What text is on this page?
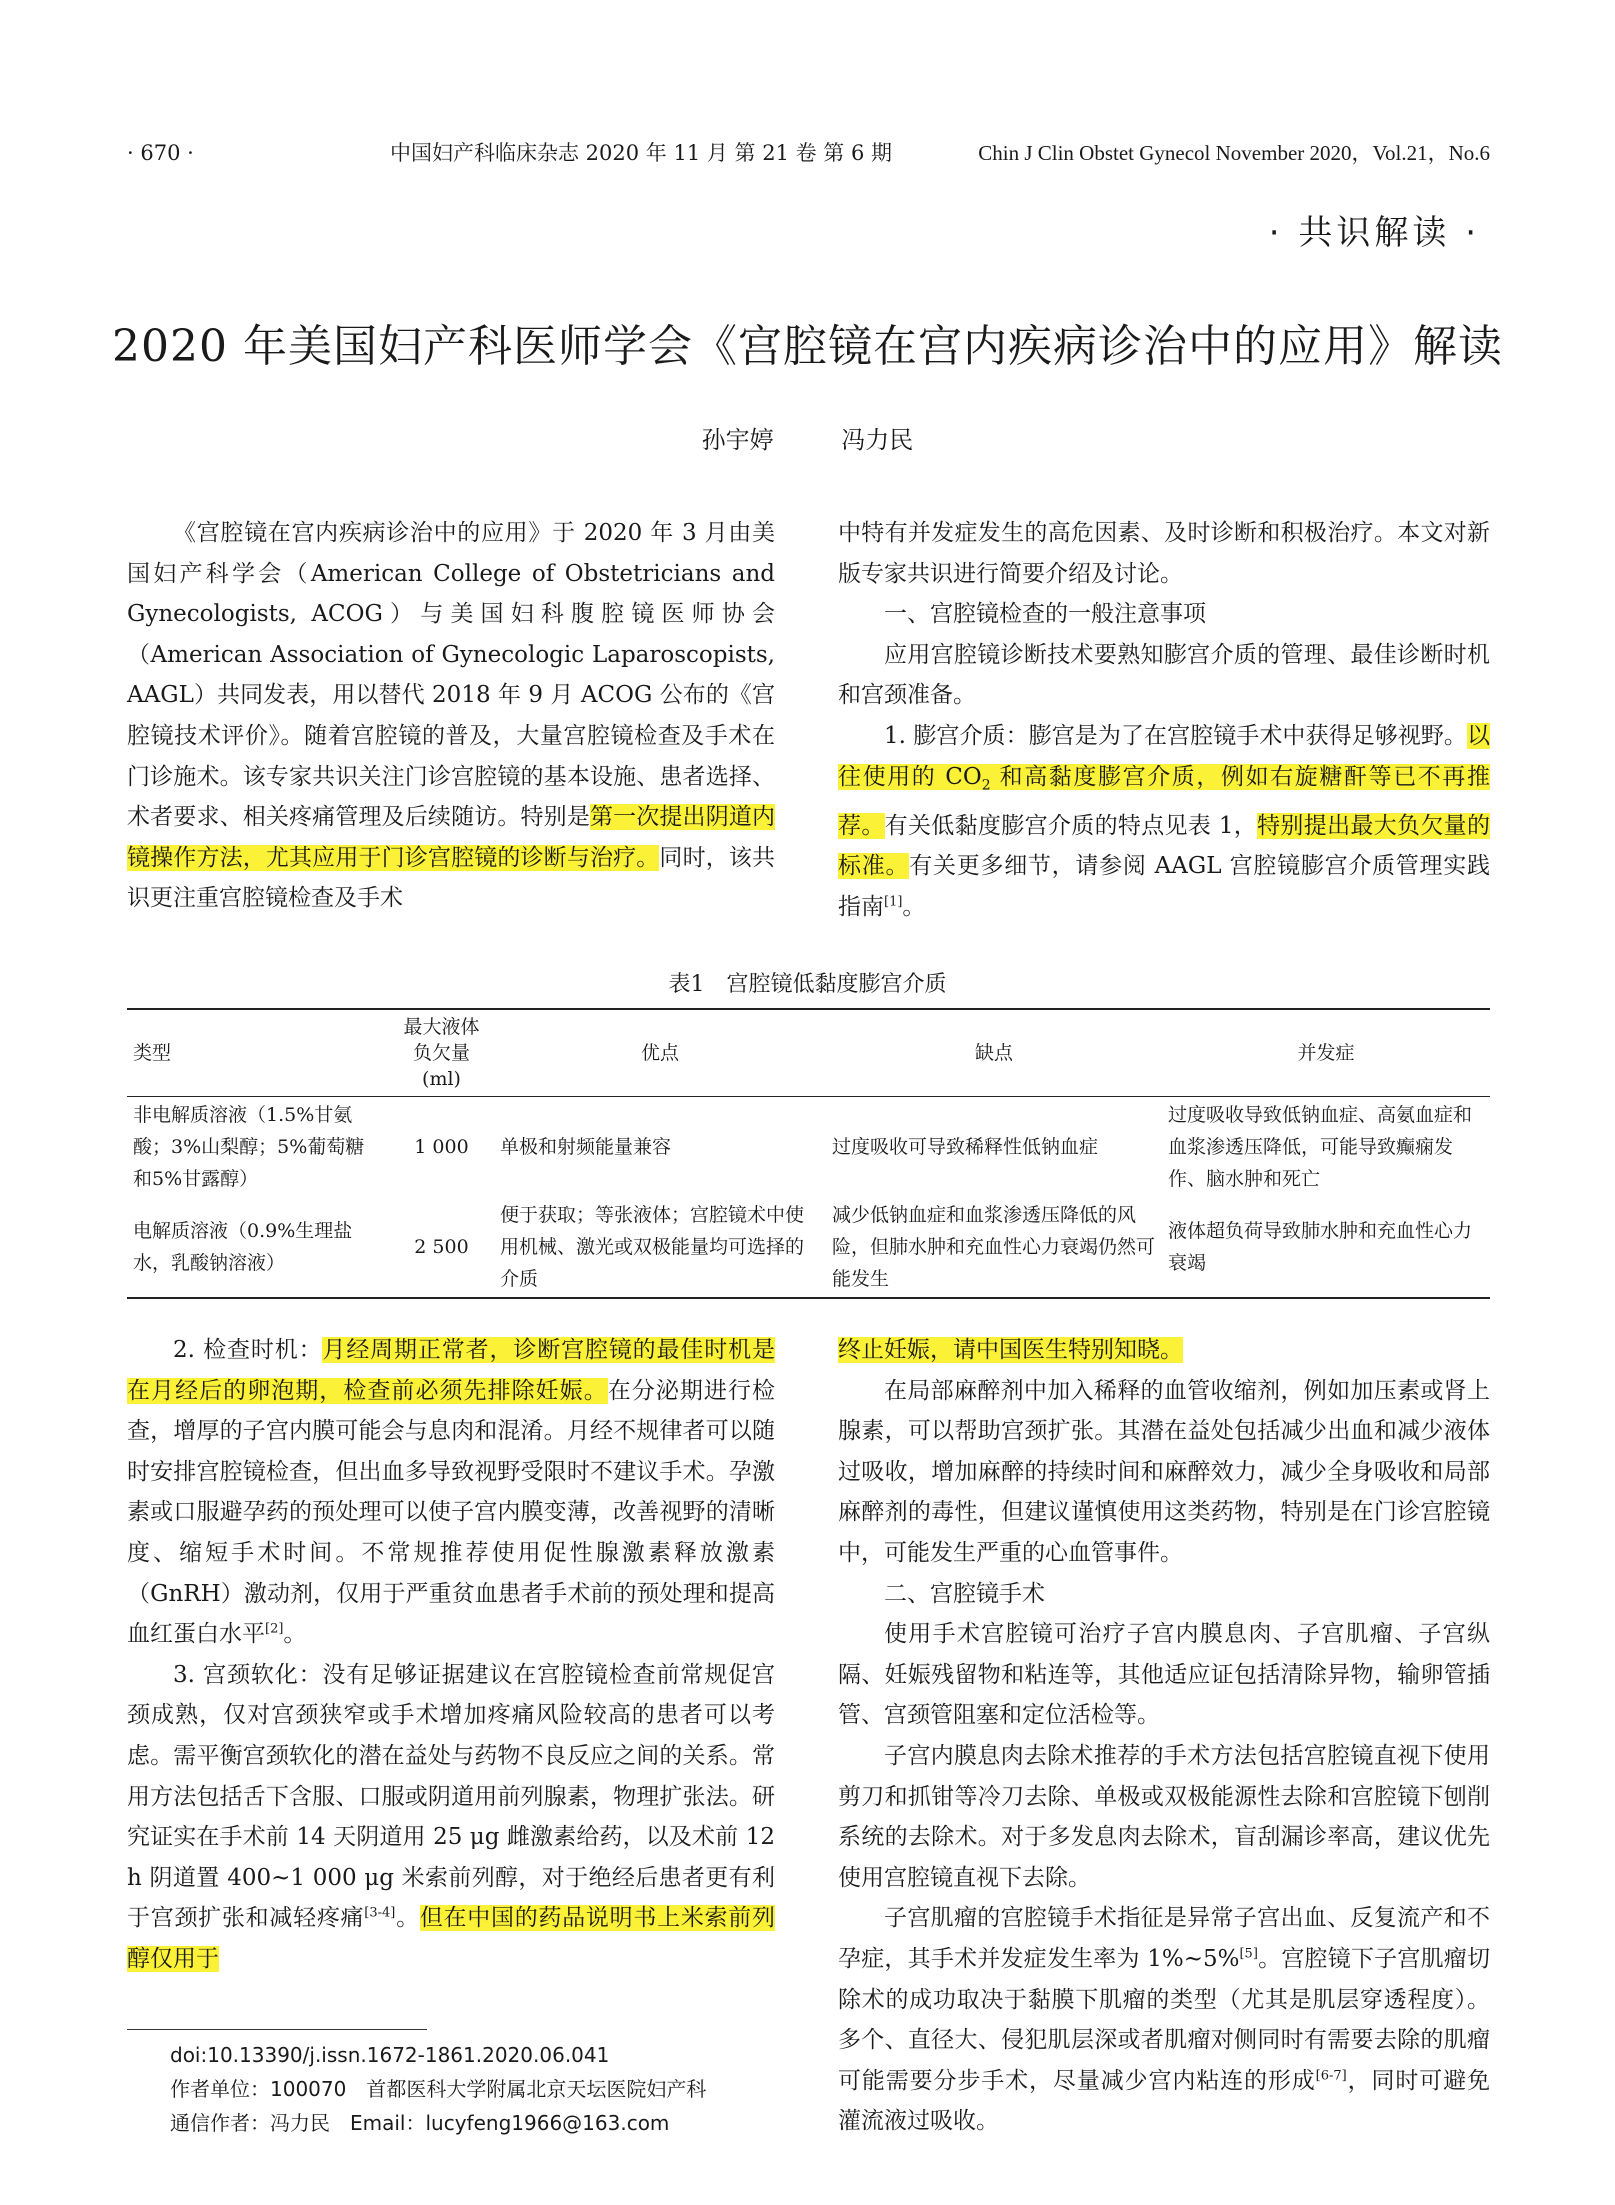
· 670 ·	中国妇产科临床杂志 2020 年 11 月 第 21 卷 第 6 期	Chin J Clin Obstet Gynecol November 2020，Vol.21，No.6
· 共识解读 ·
2020 年美国妇产科医师学会《宫腔镜在宫内疾病诊治中的应用》解读
孙宇婷 冯力民

《宫腔镜在宫内疾病诊治中的应用》于 2020 年 3 月由美国妇产科学会（American College of Obstetricians and Gynecologists, ACOG）与美国妇科腹腔镜医师协会（American Association of Gynecologic Laparoscopists, AAGL）共同发表，用以替代 2018 年 9 月 ACOG 公布的《宫腔镜技术评价》。随着宫腔镜的普及，大量宫腔镜检查及手术在门诊施术。该专家共识关注门诊宫腔镜的基本设施、患者选择、术者要求、相关疼痛管理及后续随访。特别是第一次提出阴道内镜操作方法，尤其应用于门诊宫腔镜的诊断与治疗。同时，该共识更注重宫腔镜检查及手术

中特有并发症发生的高危因素、及时诊断和积极治疗。本文对新版专家共识进行简要介绍及讨论。

一、宫腔镜检查的一般注意事项

应用宫腔镜诊断技术要熟知膨宫介质的管理、最佳诊断时机和宫颈准备。

1. 膨宫介质：膨宫是为了在宫腔镜手术中获得足够视野。以往使用的 $CO_2$ 和高黏度膨宫介质，例如右旋糖酐等已不再推荐。有关低黏度膨宫介质的特点见表 1，特别提出最大负欠量的标准。有关更多细节，请参阅 AAGL 宫腔镜膨宫介质管理实践指南[1]。

表1　宫腔镜低黏度膨宫介质
类型	最大液体负欠量(ml)	优点	缺点	并发症
非电解质溶液（1.5%甘氨酸；3%山梨醇；5%葡萄糖和5%甘露醇）	1 000	单极和射频能量兼容	过度吸收可导致稀释性低钠血症	过度吸收导致低钠血症、高氨血症和血浆渗透压降低，可能导致癫痫发作、脑水肿和死亡
电解质溶液（0.9%生理盐水，乳酸钠溶液）	2 500	便于获取；等张液体；宫腔镜术中使用机械、激光或双极能量均可选择的介质	减少低钠血症和血浆渗透压降低的风险，但肺水肿和充血性心力衰竭仍然可能发生	液体超负荷导致肺水肿和充血性心力衰竭

2. 检查时机：月经周期正常者，诊断宫腔镜的最佳时机是在月经后的卵泡期，检查前必须先排除妊娠。在分泌期进行检查，增厚的子宫内膜可能会与息肉和混淆。月经不规律者可以随时安排宫腔镜检查，但出血多导致视野受限时不建议手术。孕激素或口服避孕药的预处理可以使子宫内膜变薄，改善视野的清晰度、缩短手术时间。不常规推荐使用促性腺激素释放激素（GnRH）激动剂，仅用于严重贫血患者手术前的预处理和提高血红蛋白水平[2]。

3. 宫颈软化：没有足够证据建议在宫腔镜检查前常规促宫颈成熟，仅对宫颈狭窄或手术增加疼痛风险较高的患者可以考虑。需平衡宫颈软化的潜在益处与药物不良反应之间的关系。常用方法包括舌下含服、口服或阴道用前列腺素，物理扩张法。研究证实在手术前 14 天阴道用 25 μg 雌激素给药，以及术前 12 h 阴道置 400~1 000 μg 米索前列醇，对于绝经后患者更有利于宫颈扩张和减轻疼痛[3-4]。但在中国的药品说明书上米索前列醇仅用于

终止妊娠，请中国医生特别知晓。

在局部麻醉剂中加入稀释的血管收缩剂，例如加压素或肾上腺素，可以帮助宫颈扩张。其潜在益处包括减少出血和减少液体过吸收，增加麻醉的持续时间和麻醉效力，减少全身吸收和局部麻醉剂的毒性，但建议谨慎使用这类药物，特别是在门诊宫腔镜中，可能发生严重的心血管事件。

二、宫腔镜手术

使用手术宫腔镜可治疗子宫内膜息肉、子宫肌瘤、子宫纵隔、妊娠残留物和粘连等，其他适应证包括清除异物，输卵管插管、宫颈管阻塞和定位活检等。

子宫内膜息肉去除术推荐的手术方法包括宫腔镜直视下使用剪刀和抓钳等冷刀去除、单极或双极能源性去除和宫腔镜下刨削系统的去除术。对于多发息肉去除术，盲刮漏诊率高，建议优先使用宫腔镜直视下去除。

子宫肌瘤的宫腔镜手术指征是异常子宫出血、反复流产和不孕症，其手术并发症发生率为 1%~5%[5]。宫腔镜下子宫肌瘤切除术的成功取决于黏膜下肌瘤的类型（尤其是肌层穿透程度）。多个、直径大、侵犯肌层深或者肌瘤对侧同时有需要去除的肌瘤可能需要分步手术，尽量减少宫内粘连的形成[6-7]，同时可避免灌流液过吸收。

doi:10.13390/j.issn.1672-1861.2020.06.041
作者单位：100070　首都医科大学附属北京天坛医院妇产科
通信作者：冯力民　Email：lucyfeng1966@163.com
